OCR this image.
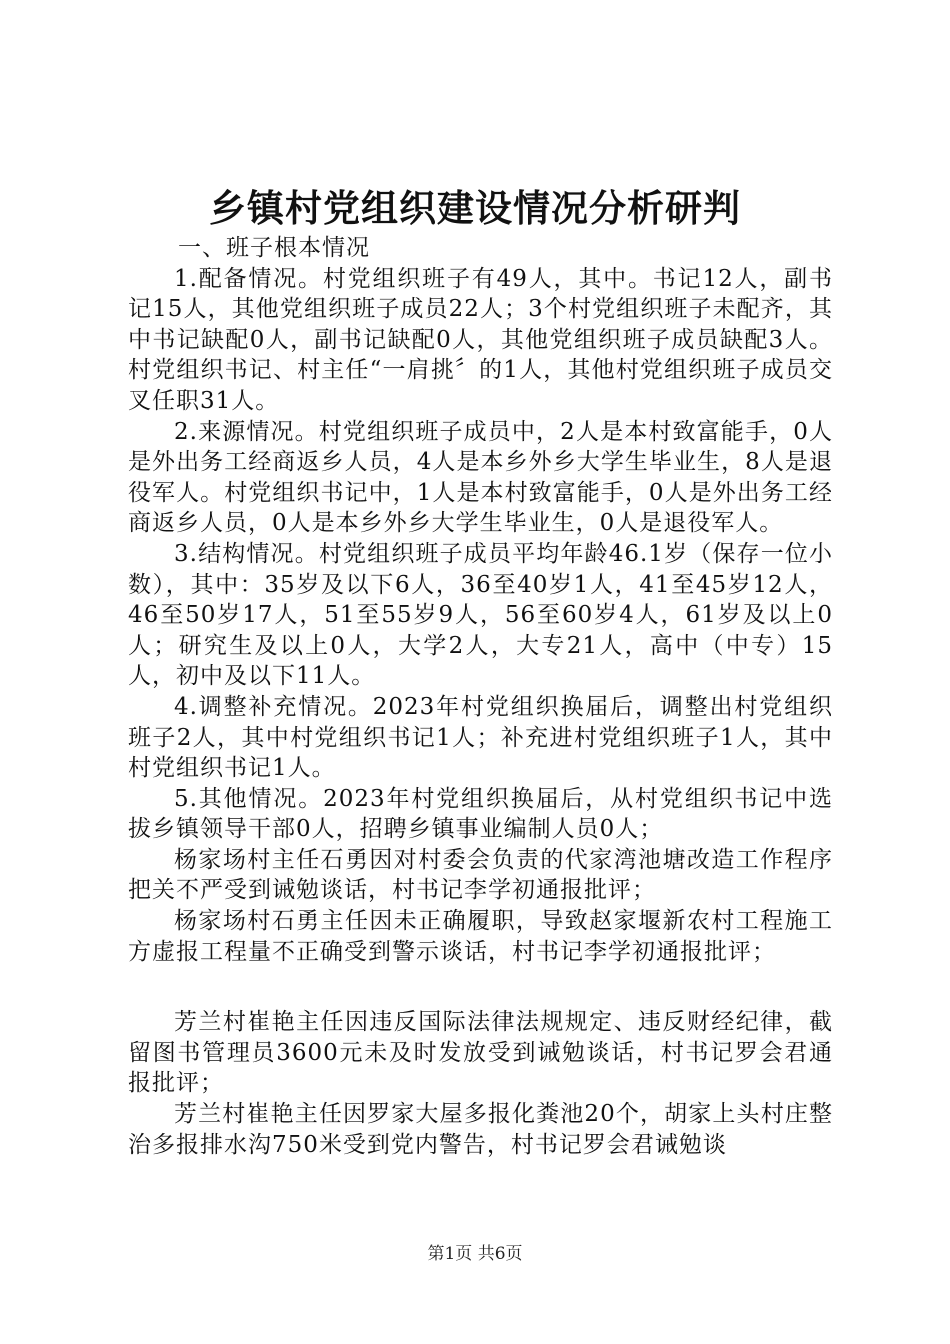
乡镇村党组织建设情况分析研判

一、班子根本情况

1.配备情况。村党组织班子有49人，其中。书记12人，副书记15人，其他党组织班子成员22人；3个村党组织班子未配齐，其中书记缺配0人，副书记缺配0人，其他党组织班子成员缺配3人。村党组织书记、村主任“一肩挑〞的1人，其他村党组织班子成员交叉任职31人。

2.来源情况。村党组织班子成员中，2人是本村致富能手，0人是外出务工经商返乡人员，4人是本乡外乡大学生毕业生，8人是退役军人。村党组织书记中，1人是本村致富能手，0人是外出务工经商返乡人员，0人是本乡外乡大学生毕业生，0人是退役军人。

3.结构情况。村党组织班子成员平均年龄46.1岁（保存一位小数），其中：35岁及以下6人，36至40岁1人，41至45岁12人，46至50岁17人，51至55岁9人，56至60岁4人，61岁及以上0人；研究生及以上0人，大学2人，大专21人，高中（中专）15人，初中及以下11人。

4.调整补充情况。2023年村党组织换届后，调整出村党组织班子2人，其中村党组织书记1人；补充进村党组织班子1人，其中村党组织书记1人。

5.其他情况。2023年村党组织换届后，从村党组织书记中选拔乡镇领导干部0人，招聘乡镇事业编制人员0人；

杨家场村主任石勇因对村委会负责的代家湾池塘改造工作程序把关不严受到诫勉谈话，村书记李学初通报批评；

杨家场村石勇主任因未正确履职，导致赵家堰新农村工程施工方虚报工程量不正确受到警示谈话，村书记李学初通报批评；

芳兰村崔艳主任因违反国际法律法规规定、违反财经纪律，截留图书管理员3600元未及时发放受到诫勉谈话，村书记罗会君通报批评；

芳兰村崔艳主任因罗家大屋多报化粪池20个，胡家上头村庄整治多报排水沟750米受到党内警告，村书记罗会君诫勉谈

第1页 共6页
